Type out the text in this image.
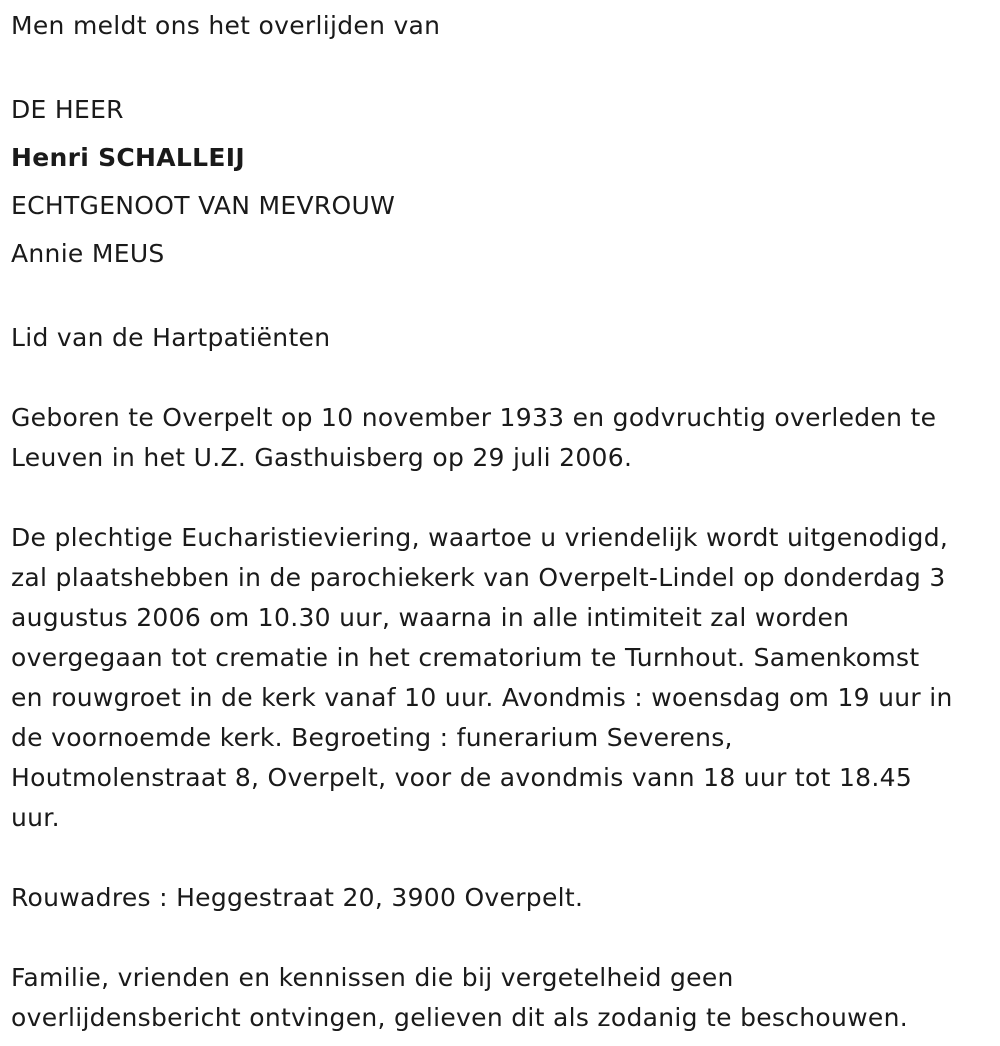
Men meldt ons het overlijden van

DE HEER

Henri SCHALLEIJ

ECHTGENOOT VAN MEVROUW

Annie MEUS

Lid van de Hartpatiënten

Geboren te Overpelt op 10 november 1933 en godvruchtig overleden te

Leuven in het U.Z. Gasthuisberg op 29 juli 2006.

De plechtige Eucharistieviering, waartoe u vriendelijk wordt uitgenodigd,

zal plaatshebben in de parochiekerk van Overpelt-Lindel op donderdag 3

augustus 2006 om 10.30 uur, waarna in alle intimiteit zal worden

overgegaan tot crematie in het crematorium te Turnhout. Samenkomst

en rouwgroet in de kerk vanaf 10 uur. Avondmis : woensdag om 19 uur in

de voornoemde kerk. Begroeting : funerarium Severens,

Houtmolenstraat 8, Overpelt, voor de avondmis vann 18 uur tot 18.45

uur.

Rouwadres : Heggestraat 20, 3900 Overpelt.

Familie, vrienden en kennissen die bij vergetelheid geen

overlijdensbericht ontvingen, gelieven dit als zodanig te beschouwen.
